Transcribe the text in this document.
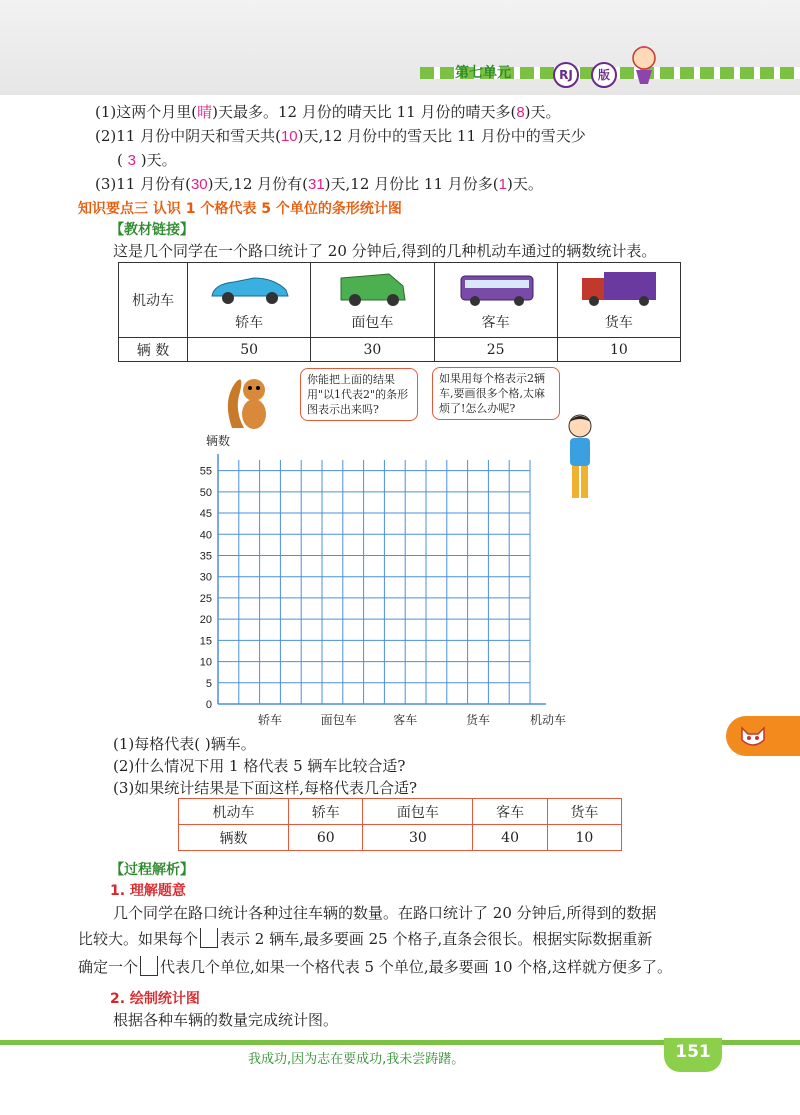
第七单元	RJ	版
(1)这两个月里(晴)天最多。12 月份的晴天比 11 月份的晴天多(8)天。
(2)11 月份中阴天和雪天共(10)天,12 月份中的雪天比 11 月份中的雪天少
( 3 )天。
(3)11 月份有(30)天,12 月份有(31)天,12 月份比 11 月份多(1)天。
知识要点三 认识 1 个格代表 5 个单位的条形统计图
【教材链接】
这是几个同学在一个路口统计了 20 分钟后,得到的几种机动车通过的辆数统计表。
机动车	轿车	面包车	客车	货车
辆 数	50	30	25	10
你能把上面的结果用"以1代表2"的条形图表示出来吗?
如果用每个格表示2辆车,要画很多个格,太麻烦了!怎么办呢?
辆数
0
5
10
15
20
25
30
35
40
45
50
55
轿车	面包车	客车	货车	机动车
(1)每格代表( )辆车。
(2)什么情况下用 1 格代表 5 辆车比较合适?
(3)如果统计结果是下面这样,每格代表几合适?
机动车	轿车	面包车	客车	货车
辆数	60	30	40	10
【过程解析】
1. 理解题意
几个同学在路口统计各种过往车辆的数量。在路口统计了 20 分钟后,所得到的数据
比较大。如果每个 表示 2 辆车,最多要画 25 个格子,直条会很长。根据实际数据重新
确定一个 代表几个单位,如果一个格代表 5 个单位,最多要画 10 个格,这样就方便多了。
2. 绘制统计图
根据各种车辆的数量完成统计图。
151
我成功,因为志在要成功,我未尝踌躇。
